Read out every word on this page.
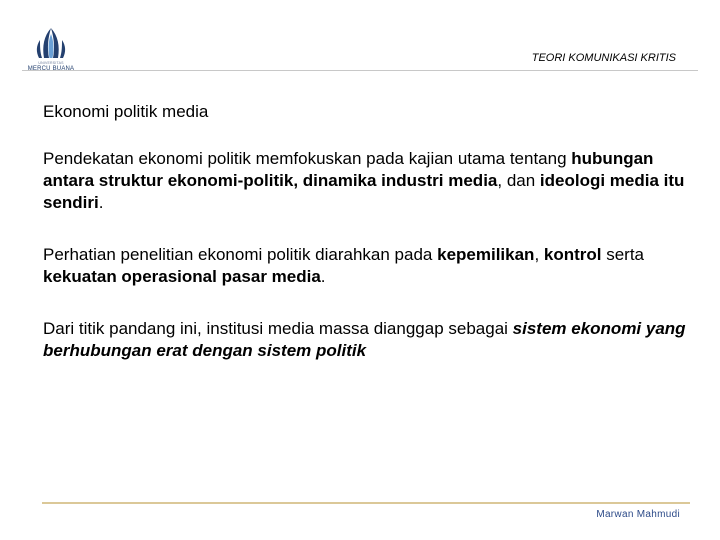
UNIVERSITAS
MERCU BUANA
TEORI KOMUNIKASI KRITIS
Ekonomi politik media
Pendekatan ekonomi politik memfokuskan pada kajian utama tentang hubungan antara struktur ekonomi-politik, dinamika industri media, dan ideologi media itu sendiri.
Perhatian penelitian ekonomi politik diarahkan pada kepemilikan, kontrol serta kekuatan operasional pasar media.
Dari titik pandang ini, institusi media massa dianggap sebagai sistem ekonomi yang berhubungan erat dengan sistem politik
Marwan Mahmudi
